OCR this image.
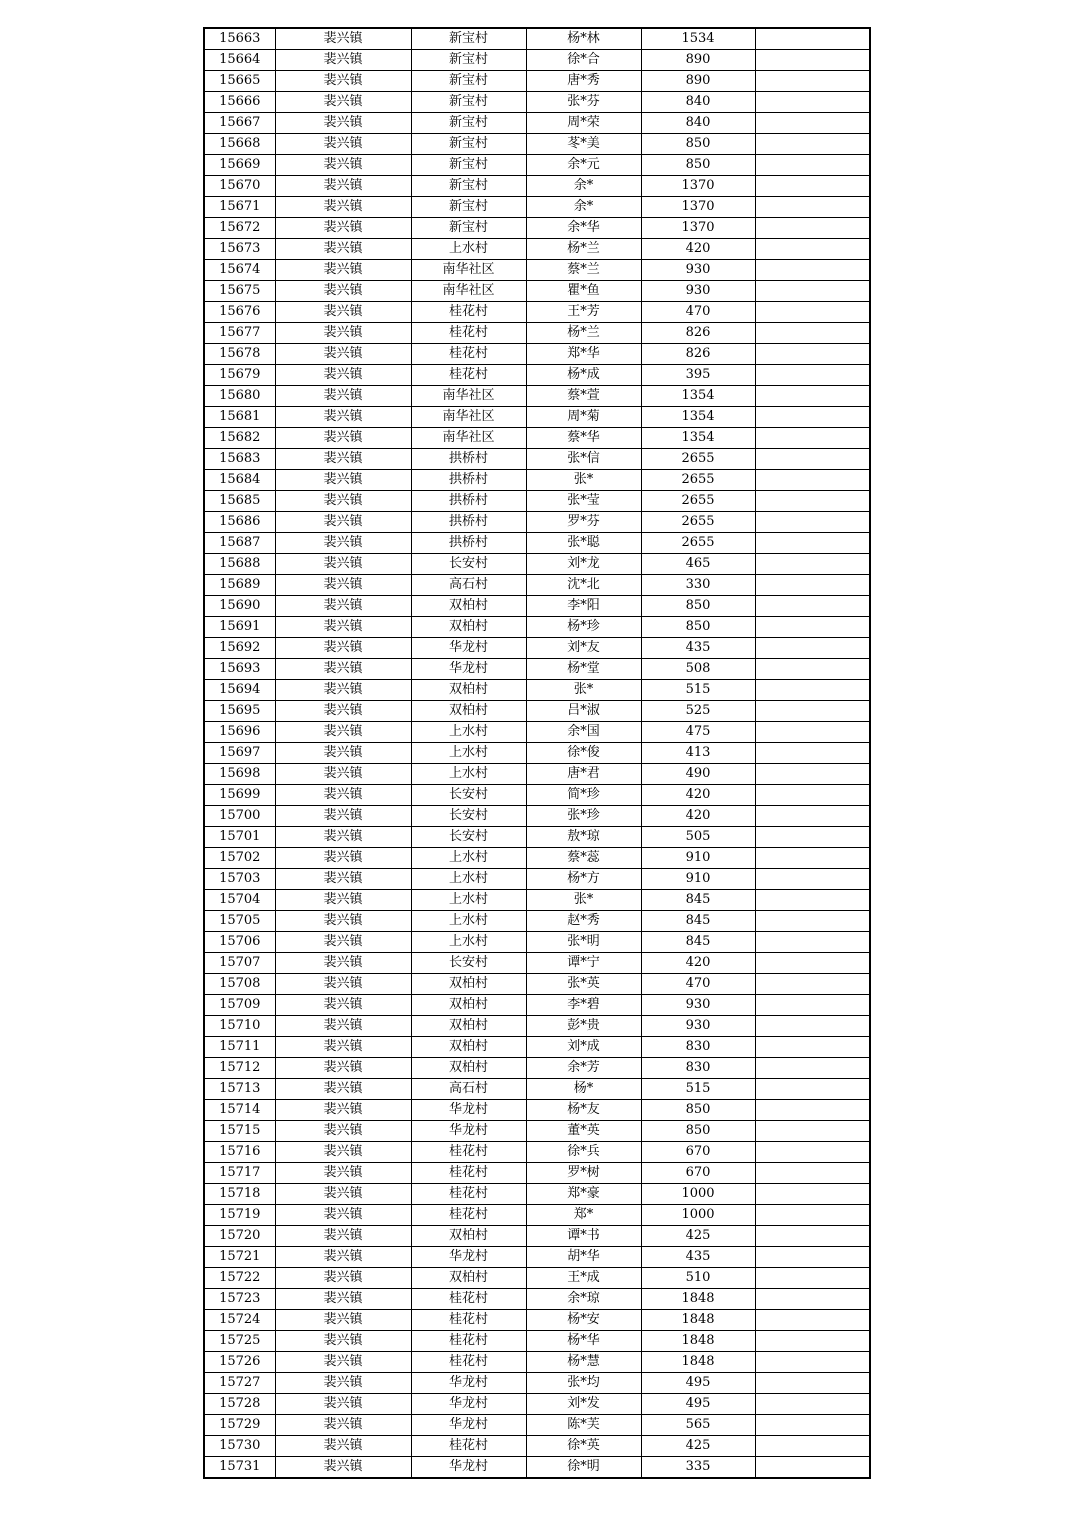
15663	裴兴镇	新宝村	杨*林	1534	
15664	裴兴镇	新宝村	徐*合	890	
15665	裴兴镇	新宝村	唐*秀	890	
15666	裴兴镇	新宝村	张*芬	840	
15667	裴兴镇	新宝村	周*荣	840	
15668	裴兴镇	新宝村	苳*美	850	
15669	裴兴镇	新宝村	余*元	850	
15670	裴兴镇	新宝村	余*	1370	
15671	裴兴镇	新宝村	余*	1370	
15672	裴兴镇	新宝村	余*华	1370	
15673	裴兴镇	上水村	杨*兰	420	
15674	裴兴镇	南华社区	蔡*兰	930	
15675	裴兴镇	南华社区	瞿*鱼	930	
15676	裴兴镇	桂花村	王*芳	470	
15677	裴兴镇	桂花村	杨*兰	826	
15678	裴兴镇	桂花村	郑*华	826	
15679	裴兴镇	桂花村	杨*成	395	
15680	裴兴镇	南华社区	蔡*萱	1354	
15681	裴兴镇	南华社区	周*菊	1354	
15682	裴兴镇	南华社区	蔡*华	1354	
15683	裴兴镇	拱桥村	张*信	2655	
15684	裴兴镇	拱桥村	张*	2655	
15685	裴兴镇	拱桥村	张*莹	2655	
15686	裴兴镇	拱桥村	罗*芬	2655	
15687	裴兴镇	拱桥村	张*聪	2655	
15688	裴兴镇	长安村	刘*龙	465	
15689	裴兴镇	高石村	沈*北	330	
15690	裴兴镇	双柏村	李*阳	850	
15691	裴兴镇	双柏村	杨*珍	850	
15692	裴兴镇	华龙村	刘*友	435	
15693	裴兴镇	华龙村	杨*堂	508	
15694	裴兴镇	双柏村	张*	515	
15695	裴兴镇	双柏村	吕*淑	525	
15696	裴兴镇	上水村	余*国	475	
15697	裴兴镇	上水村	徐*俊	413	
15698	裴兴镇	上水村	唐*君	490	
15699	裴兴镇	长安村	简*珍	420	
15700	裴兴镇	长安村	张*珍	420	
15701	裴兴镇	长安村	敖*琼	505	
15702	裴兴镇	上水村	蔡*蕊	910	
15703	裴兴镇	上水村	杨*方	910	
15704	裴兴镇	上水村	张*	845	
15705	裴兴镇	上水村	赵*秀	845	
15706	裴兴镇	上水村	张*明	845	
15707	裴兴镇	长安村	谭*宁	420	
15708	裴兴镇	双柏村	张*英	470	
15709	裴兴镇	双柏村	李*碧	930	
15710	裴兴镇	双柏村	彭*贵	930	
15711	裴兴镇	双柏村	刘*成	830	
15712	裴兴镇	双柏村	余*芳	830	
15713	裴兴镇	高石村	杨*	515	
15714	裴兴镇	华龙村	杨*友	850	
15715	裴兴镇	华龙村	董*英	850	
15716	裴兴镇	桂花村	徐*兵	670	
15717	裴兴镇	桂花村	罗*树	670	
15718	裴兴镇	桂花村	郑*豪	1000	
15719	裴兴镇	桂花村	郑*	1000	
15720	裴兴镇	双柏村	谭*书	425	
15721	裴兴镇	华龙村	胡*华	435	
15722	裴兴镇	双柏村	王*成	510	
15723	裴兴镇	桂花村	余*琼	1848	
15724	裴兴镇	桂花村	杨*安	1848	
15725	裴兴镇	桂花村	杨*华	1848	
15726	裴兴镇	桂花村	杨*慧	1848	
15727	裴兴镇	华龙村	张*均	495	
15728	裴兴镇	华龙村	刘*发	495	
15729	裴兴镇	华龙村	陈*芙	565	
15730	裴兴镇	桂花村	徐*英	425	
15731	裴兴镇	华龙村	徐*明	335	
